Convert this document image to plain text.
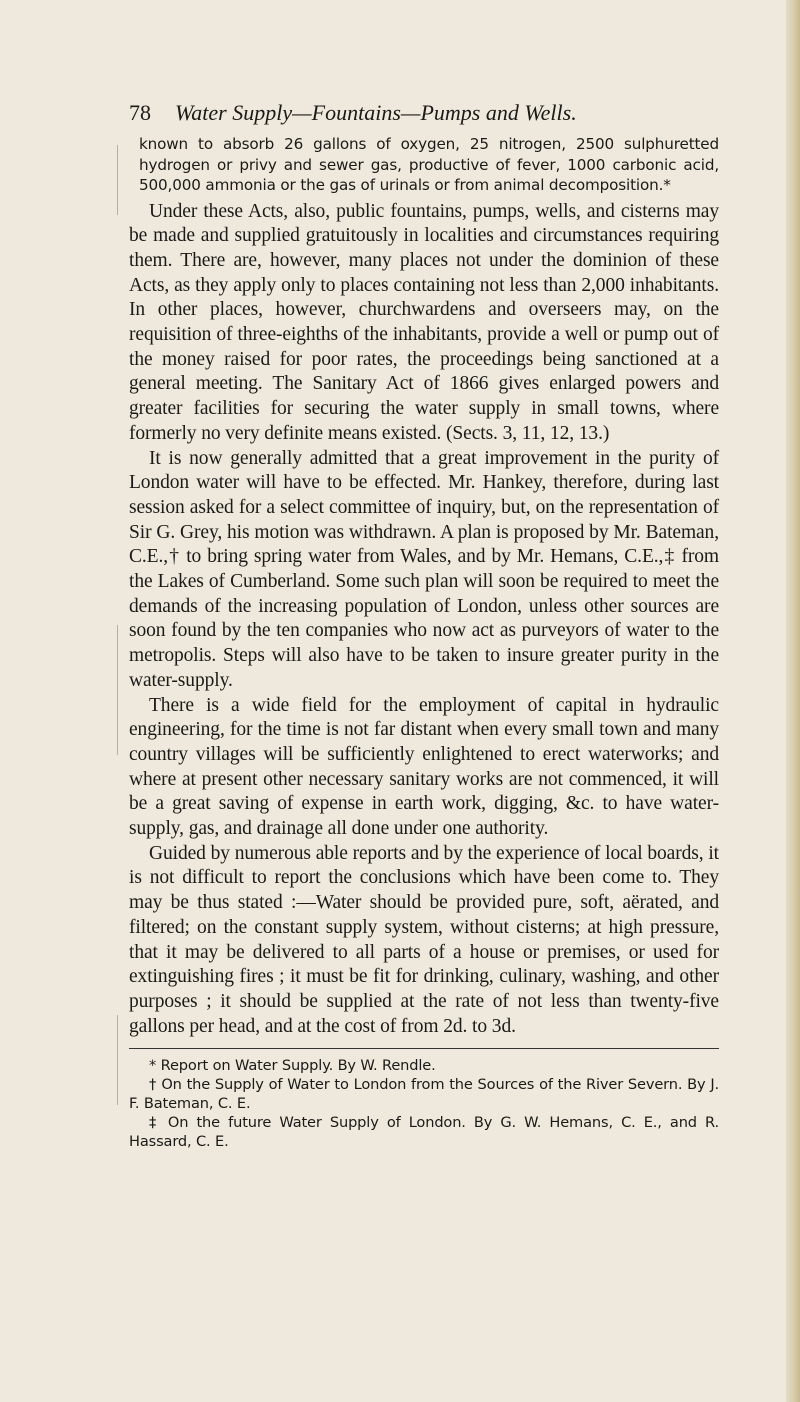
78 Water Supply—Fountains—Pumps and Wells.

known to absorb 26 gallons of oxygen, 25 nitrogen, 2500 sulphuretted hydrogen or privy and sewer gas, productive of fever, 1000 carbonic acid, 500,000 ammonia or the gas of urinals or from animal decomposition.*

Under these Acts, also, public fountains, pumps, wells, and cisterns may be made and supplied gratuitously in localities and circumstances requiring them. There are, however, many places not under the dominion of these Acts, as they apply only to places containing not less than 2,000 inhabitants. In other places, however, churchwardens and overseers may, on the requisition of three-eighths of the inhabitants, provide a well or pump out of the money raised for poor rates, the proceedings being sanctioned at a general meeting. The Sanitary Act of 1866 gives enlarged powers and greater facilities for securing the water supply in small towns, where formerly no very definite means existed. (Sects. 3, 11, 12, 13.)

It is now generally admitted that a great improvement in the purity of London water will have to be effected. Mr. Hankey, therefore, during last session asked for a select committee of inquiry, but, on the representation of Sir G. Grey, his motion was withdrawn. A plan is proposed by Mr. Bateman, C.E.,† to bring spring water from Wales, and by Mr. Hemans, C.E.,‡ from the Lakes of Cumberland. Some such plan will soon be required to meet the demands of the increasing population of London, unless other sources are soon found by the ten companies who now act as purveyors of water to the metropolis. Steps will also have to be taken to insure greater purity in the water-supply.

There is a wide field for the employment of capital in hydraulic engineering, for the time is not far distant when every small town and many country villages will be sufficiently enlightened to erect waterworks; and where at present other necessary sanitary works are not commenced, it will be a great saving of expense in earth work, digging, &c. to have water-supply, gas, and drainage all done under one authority.

Guided by numerous able reports and by the experience of local boards, it is not difficult to report the conclusions which have been come to. They may be thus stated :—Water should be provided pure, soft, aërated, and filtered; on the constant supply system, without cisterns; at high pressure, that it may be delivered to all parts of a house or premises, or used for extinguishing fires ; it must be fit for drinking, culinary, washing, and other purposes ; it should be supplied at the rate of not less than twenty-five gallons per head, and at the cost of from 2d. to 3d.

* Report on Water Supply. By W. Rendle.

† On the Supply of Water to London from the Sources of the River Severn. By J. F. Bateman, C. E.

‡ On the future Water Supply of London. By G. W. Hemans, C. E., and R. Hassard, C. E.
